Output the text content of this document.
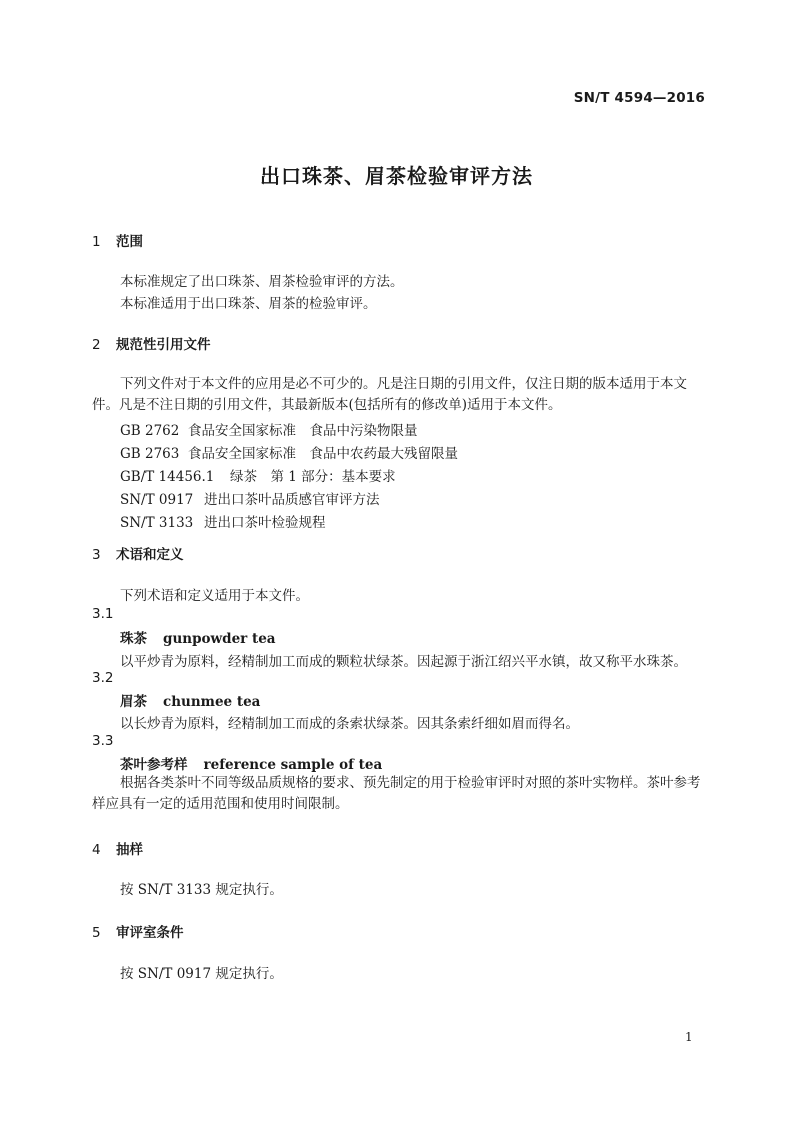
SN/T 4594—2016
出口珠茶、眉茶检验审评方法
1 范围
本标准规定了出口珠茶、眉茶检验审评的方法。
本标准适用于出口珠茶、眉茶的检验审评。
2 规范性引用文件
下列文件对于本文件的应用是必不可少的。凡是注日期的引用文件，仅注日期的版本适用于本文件。凡是不注日期的引用文件，其最新版本(包括所有的修改单)适用于本文件。
GB 2762 食品安全国家标准　食品中污染物限量
GB 2763 食品安全国家标准　食品中农药最大残留限量
GB/T 14456.1 绿茶　第 1 部分：基本要求
SN/T 0917 进出口茶叶品质感官审评方法
SN/T 3133 进出口茶叶检验规程
3 术语和定义
下列术语和定义适用于本文件。
3.1
珠茶 gunpowder tea
以平炒青为原料，经精制加工而成的颗粒状绿茶。因起源于浙江绍兴平水镇，故又称平水珠茶。
3.2
眉茶 chunmee tea
以长炒青为原料，经精制加工而成的条索状绿茶。因其条索纤细如眉而得名。
3.3
茶叶参考样 reference sample of tea
根据各类茶叶不同等级品质规格的要求、预先制定的用于检验审评时对照的茶叶实物样。茶叶参考样应具有一定的适用范围和使用时间限制。
4 抽样
按 SN/T 3133 规定执行。
5 审评室条件
按 SN/T 0917 规定执行。
1
